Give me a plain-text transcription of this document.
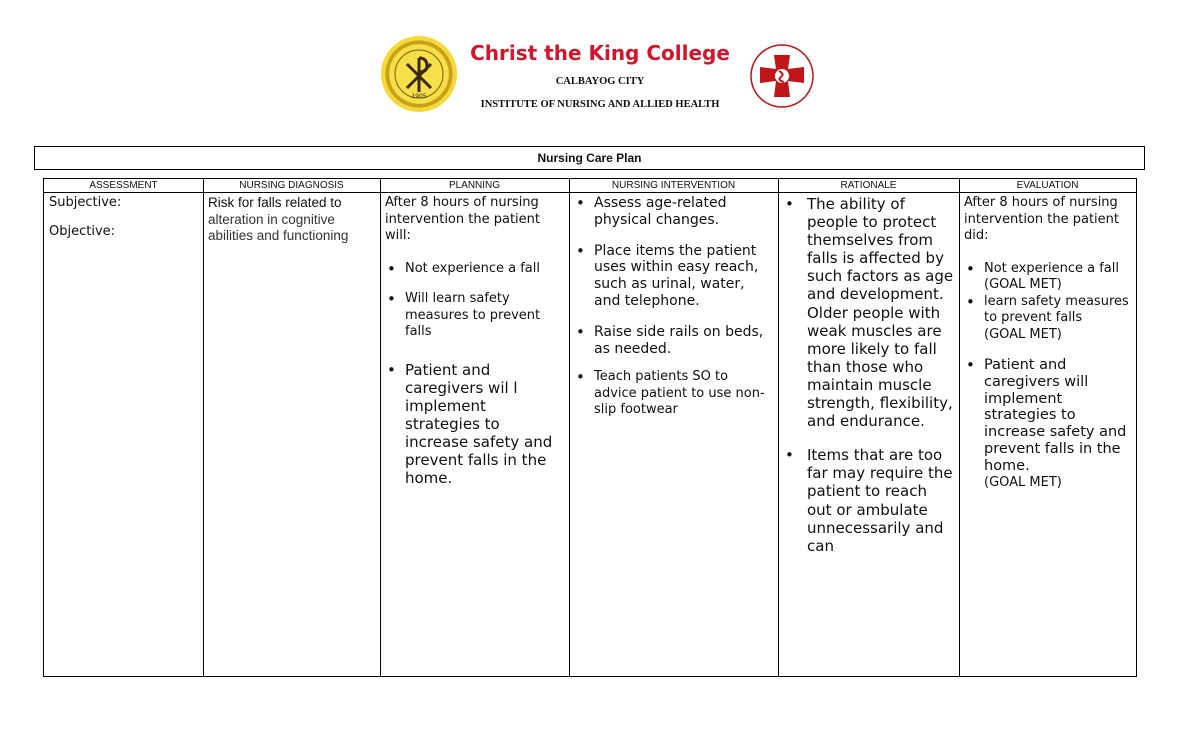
1905
Christ the King College
CALBAYOG CITY
INSTITUTE OF NURSING AND ALLIED HEALTH
Nursing Care Plan
ASSESSMENT
Subjective:
Objective:
NURSING DIAGNOSIS
Risk for falls related to
alteration in cognitive abilities and functioning
PLANNING
After 8 hours of nursing intervention the patient will:
• Not experience a fall
• Will learn safety measures to prevent falls
• Patient and caregivers wil l implement strategies to increase safety and prevent falls in the home.
NURSING INTERVENTION
• Assess age-related physical changes.
• Place items the patient uses within easy reach, such as urinal, water, and telephone.
• Raise side rails on beds, as needed.
• Teach patients SO to advice patient to use non-slip footwear
RATIONALE
• The ability of people to protect themselves from falls is affected by such factors as age and development. Older people with weak muscles are more likely to fall than those who maintain muscle strength, flexibility, and endurance.
• Items that are too far may require the patient to reach out or ambulate unnecessarily and can
EVALUATION
After 8 hours of nursing intervention the patient did:
• Not experience a fall
(GOAL MET)
• learn safety measures to prevent falls
(GOAL MET)
• Patient and caregivers will implement strategies to increase safety and prevent falls in the home.
(GOAL MET)
